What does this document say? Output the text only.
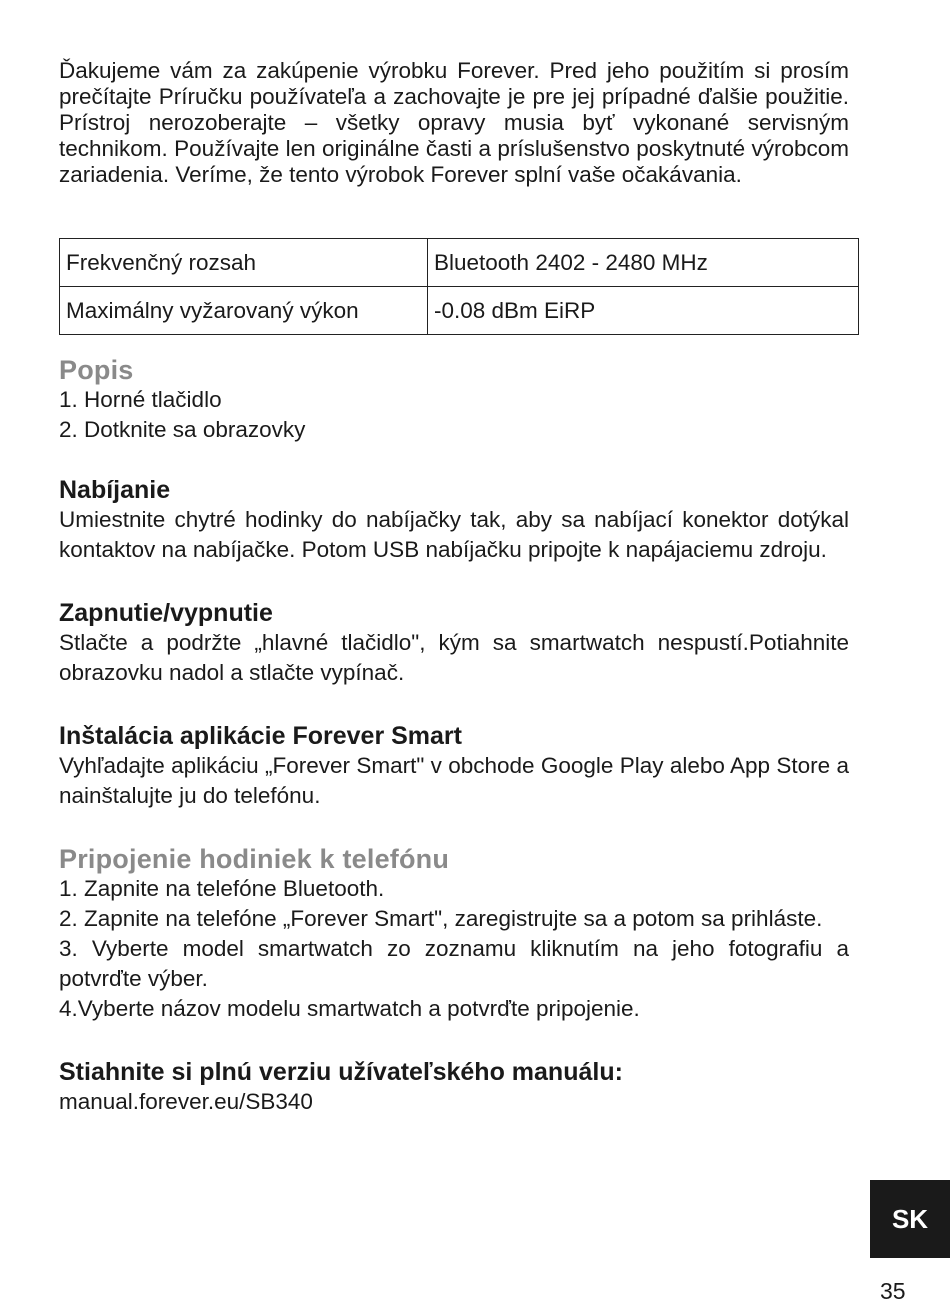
Ďakujeme vám za zakúpenie výrobku Forever. Pred jeho použitím si prosím prečítajte Príručku používateľa a zachovajte je pre jej prípadné ďalšie použitie. Prístroj nerozoberajte – všetky opravy musia byť vykonané servisným technikom. Používajte len originálne časti a príslušenstvo poskytnuté výrobcom zariadenia. Veríme, že tento výrobok Forever splní vaše očakávania.

Frekvenčný rozsah	Bluetooth 2402 - 2480 MHz
Maximálny vyžarovaný výkon	-0.08 dBm EiRP
Popis
1. Horné tlačidlo
2. Dotknite sa obrazovky
Nabíjanie

Umiestnite chytré hodinky do nabíjačky tak, aby sa nabíjací konektor dotýkal kontaktov na nabíjačke. Potom USB nabíjačku pripojte k napájaciemu zdroju.

Zapnutie/vypnutie

Stlačte a podržte „hlavné tlačidlo", kým sa smartwatch nespustí.Potiahnite obrazovku nadol a stlačte vypínač.

Inštalácia aplikácie Forever Smart

Vyhľadajte aplikáciu „Forever Smart" v obchode Google Play alebo App Store a nainštalujte ju do telefónu.

Pripojenie hodiniek k telefónu
1. Zapnite na telefóne Bluetooth.
2. Zapnite na telefóne „Forever Smart", zaregistrujte sa a potom sa prihláste.
3. Vyberte model smartwatch zo zoznamu kliknutím na jeho fotografiu a potvrďte výber.
4.Vyberte názov modelu smartwatch a potvrďte pripojenie.
Stiahnite si plnú verziu užívateľského manuálu:

manual.forever.eu/SB340

SK
35
